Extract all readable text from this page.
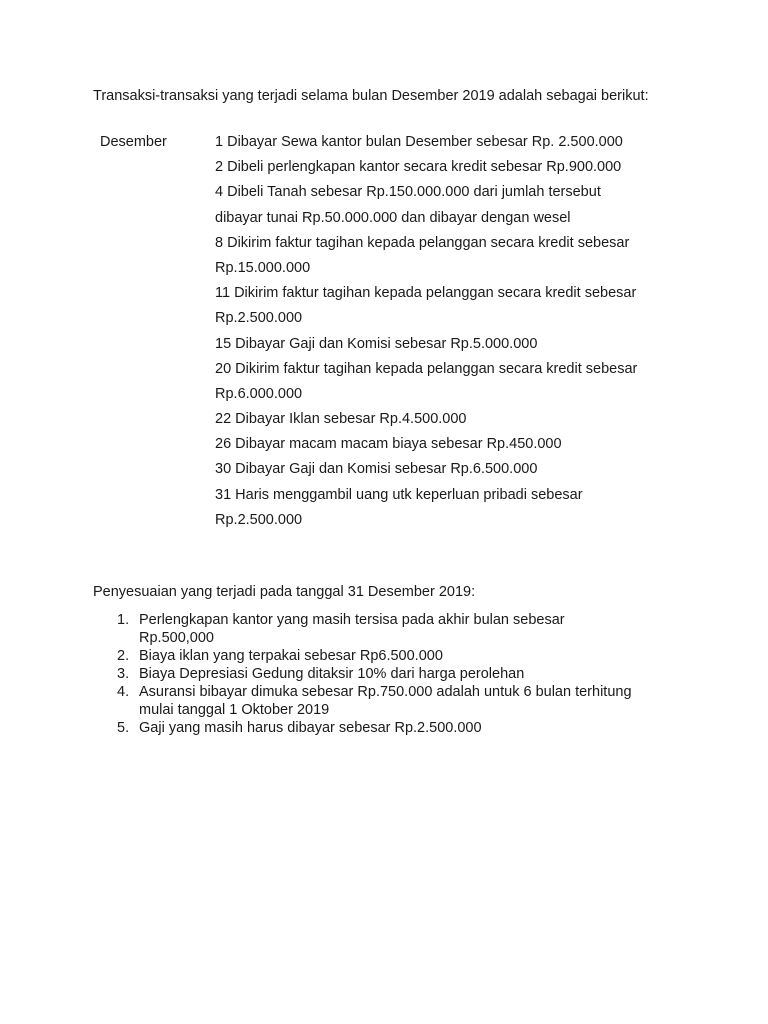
Transaksi-transaksi yang terjadi selama bulan Desember 2019 adalah sebagai berikut:

Desember	1 Dibayar Sewa kantor bulan Desember sebesar Rp. 2.500.000
2 Dibeli perlengkapan kantor secara kredit sebesar Rp.900.000
4 Dibeli Tanah sebesar Rp.150.000.000 dari jumlah tersebut
dibayar tunai Rp.50.000.000 dan dibayar dengan wesel
8 Dikirim faktur tagihan kepada pelanggan secara kredit sebesar
Rp.15.000.000
11 Dikirim faktur tagihan kepada pelanggan secara kredit sebesar
Rp.2.500.000
15 Dibayar Gaji dan Komisi sebesar Rp.5.000.000
20 Dikirim faktur tagihan kepada pelanggan secara kredit sebesar
Rp.6.000.000
22 Dibayar Iklan sebesar Rp.4.500.000
26 Dibayar macam macam biaya sebesar Rp.450.000
30 Dibayar Gaji dan Komisi sebesar Rp.6.500.000
31 Haris menggambil uang utk keperluan pribadi sebesar
Rp.2.500.000

Penyesuaian yang terjadi pada tanggal 31 Desember 2019:

1. Perlengkapan kantor yang masih tersisa pada akhir bulan sebesar Rp.500,000
2. Biaya iklan yang terpakai sebesar Rp6.500.000
3. Biaya Depresiasi Gedung ditaksir 10% dari harga perolehan
4. Asuransi bibayar dimuka sebesar Rp.750.000 adalah untuk 6 bulan terhitung mulai tanggal 1 Oktober 2019
5. Gaji yang masih harus dibayar sebesar Rp.2.500.000
